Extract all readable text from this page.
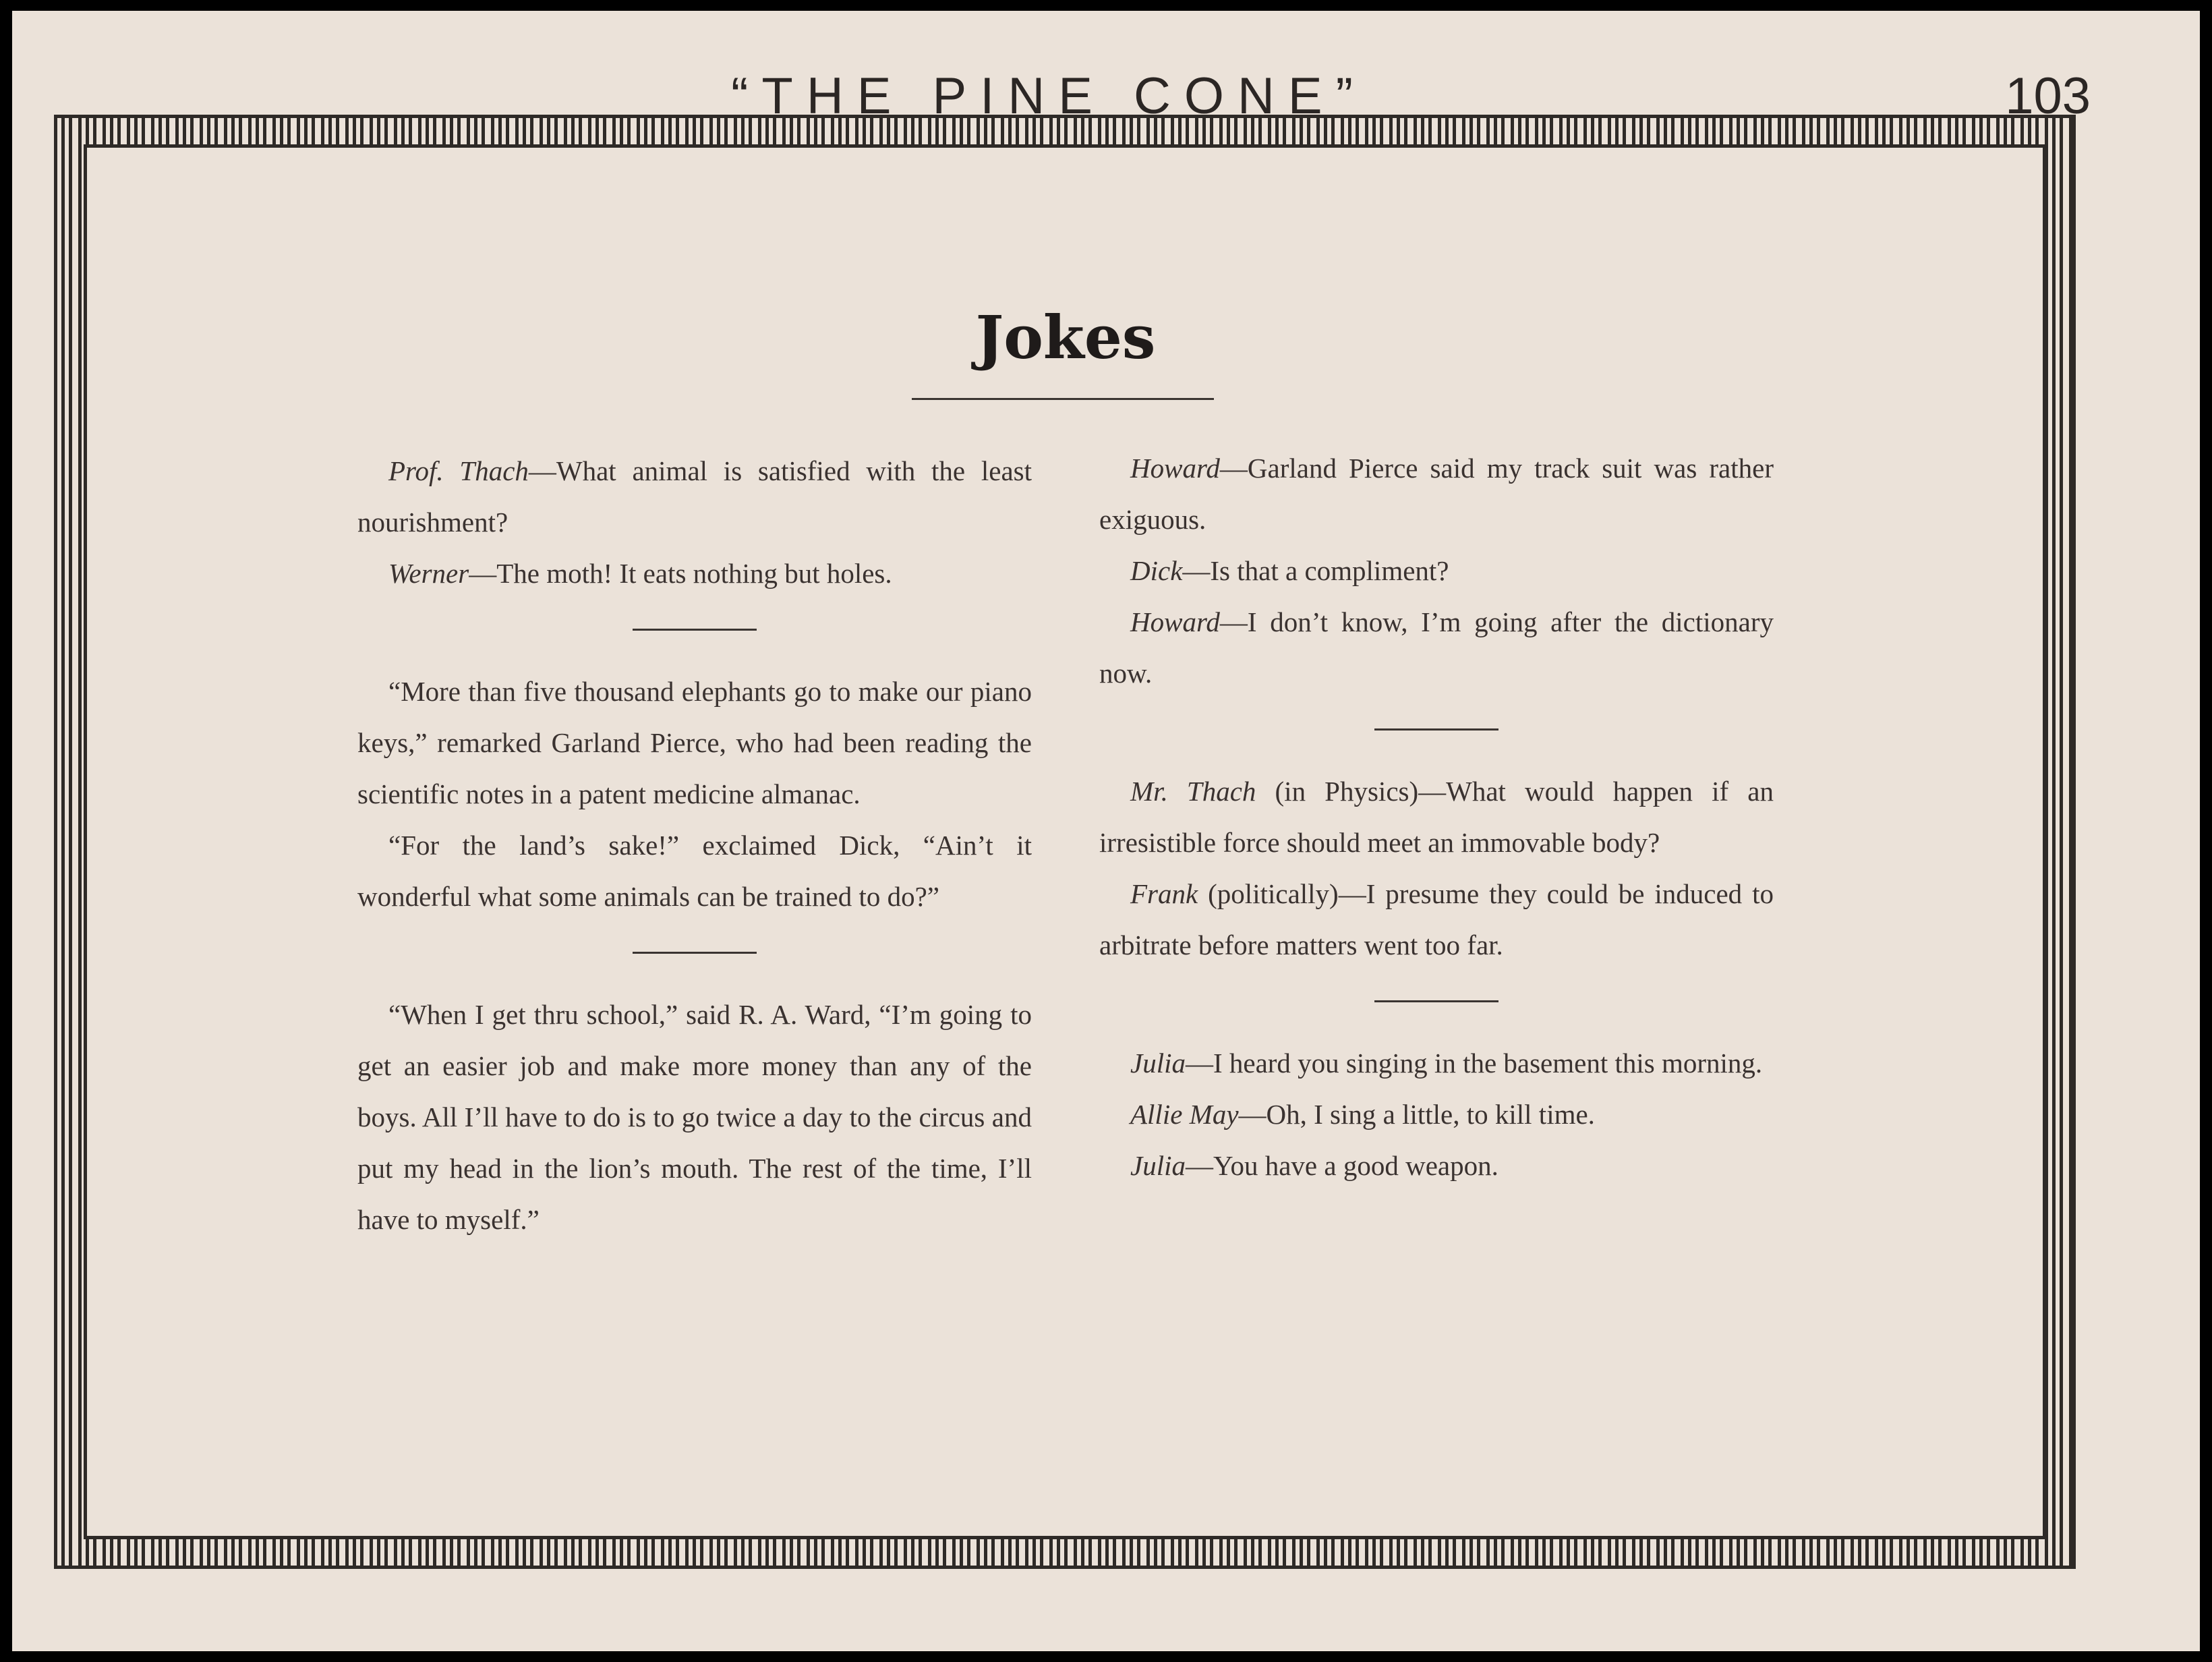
“THE PINE CONE”	103
Jokes

Prof. Thach—What animal is satisfied with the least nourishment?

Werner—The moth! It eats nothing but holes.

“More than five thousand elephants go to make our piano keys,” remarked Garland Pierce, who had been reading the scientific notes in a patent medicine almanac.

“For the land’s sake!” exclaimed Dick, “Ain’t it wonderful what some animals can be trained to do?”

“When I get thru school,” said R. A. Ward, “I’m going to get an easier job and make more money than any of the boys. All I’ll have to do is to go twice a day to the circus and put my head in the lion’s mouth. The rest of the time, I’ll have to myself.”

Howard—Garland Pierce said my track suit was rather exiguous.

Dick—Is that a compliment?

Howard—I don’t know, I’m going after the dictionary now.

Mr. Thach (in Physics)—What would happen if an irresistible force should meet an immovable body?

Frank (politically)—I presume they could be induced to arbitrate before matters went too far.

Julia—I heard you singing in the basement this morning.

Allie May—Oh, I sing a little, to kill time.

Julia—You have a good weapon.
